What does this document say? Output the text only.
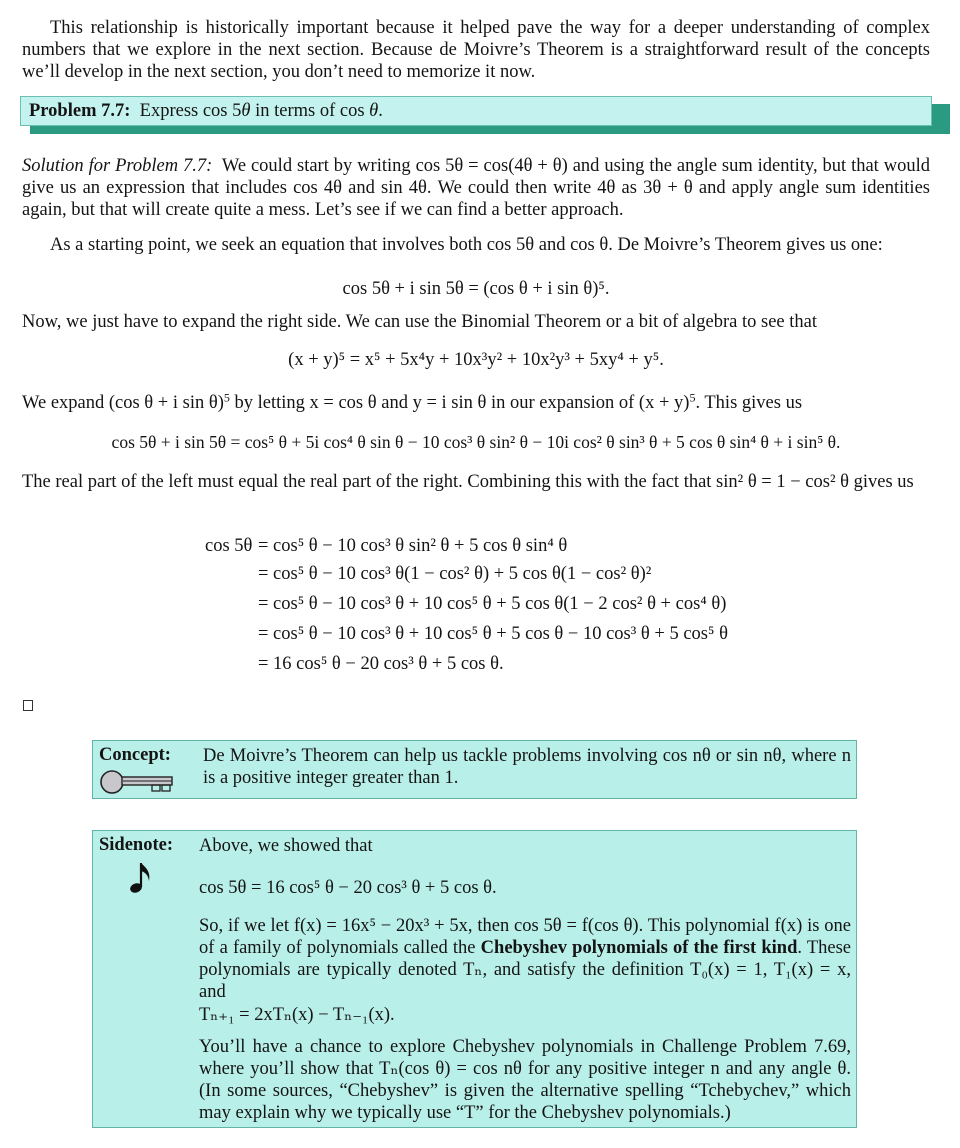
This relationship is historically important because it helped pave the way for a deeper understanding of complex numbers that we explore in the next section. Because de Moivre’s Theorem is a straightforward result of the concepts we’ll develop in the next section, you don’t need to memorize it now.
Problem 7.7: Express cos 5θ in terms of cos θ.
Solution for Problem 7.7: We could start by writing cos 5θ = cos(4θ + θ) and using the angle sum identity, but that would give us an expression that includes cos 4θ and sin 4θ. We could then write 4θ as 3θ + θ and apply angle sum identities again, but that will create quite a mess. Let’s see if we can find a better approach.
As a starting point, we seek an equation that involves both cos 5θ and cos θ. De Moivre’s Theorem gives us one:
cos 5θ + i sin 5θ = (cos θ + i sin θ)⁵.
Now, we just have to expand the right side. We can use the Binomial Theorem or a bit of algebra to see that
(x + y)⁵ = x⁵ + 5x⁴y + 10x³y² + 10x²y³ + 5xy⁴ + y⁵.
We expand (cos θ + i sin θ)$^5$ by letting x = cos θ and y = i sin θ in our expansion of $(x + y)^5$. This gives us
cos 5θ + i sin 5θ = cos⁵ θ + 5i cos⁴ θ sin θ − 10 cos³ θ sin² θ − 10i cos² θ sin³ θ + 5 cos θ sin⁴ θ + i sin⁵ θ.
The real part of the left must equal the real part of the right. Combining this with the fact that sin² θ = 1 − cos² θ gives us
cos 5θ = cos⁵ θ − 10 cos³ θ sin² θ + 5 cos θ sin⁴ θ
= cos⁵ θ − 10 cos³ θ(1 − cos² θ) + 5 cos θ(1 − cos² θ)²
= cos⁵ θ − 10 cos³ θ + 10 cos⁵ θ + 5 cos θ(1 − 2 cos² θ + cos⁴ θ)
= cos⁵ θ − 10 cos³ θ + 10 cos⁵ θ + 5 cos θ − 10 cos³ θ + 5 cos⁵ θ
= 16 cos⁵ θ − 20 cos³ θ + 5 cos θ.
Concept: De Moivre’s Theorem can help us tackle problems involving cos nθ or sin nθ, where n is a positive integer greater than 1.
Sidenote: Above, we showed that
cos 5θ = 16 cos⁵ θ − 20 cos³ θ + 5 cos θ.
So, if we let f(x) = 16x⁵ − 20x³ + 5x, then cos 5θ = f(cos θ). This polynomial f(x) is one of a family of polynomials called the Chebyshev polynomials of the first kind. These polynomials are typically denoted Tₙ, and satisfy the definition T₀(x) = 1, T₁(x) = x, and
Tₙ₊₁ = 2xTₙ(x) − Tₙ₋₁(x).
You’ll have a chance to explore Chebyshev polynomials in Challenge Problem 7.69, where you’ll show that Tₙ(cos θ) = cos nθ for any positive integer n and any angle θ. (In some sources, “Chebyshev” is given the alternative spelling “Tchebychev,” which may explain why we typically use “T” for the Chebyshev polynomials.)
